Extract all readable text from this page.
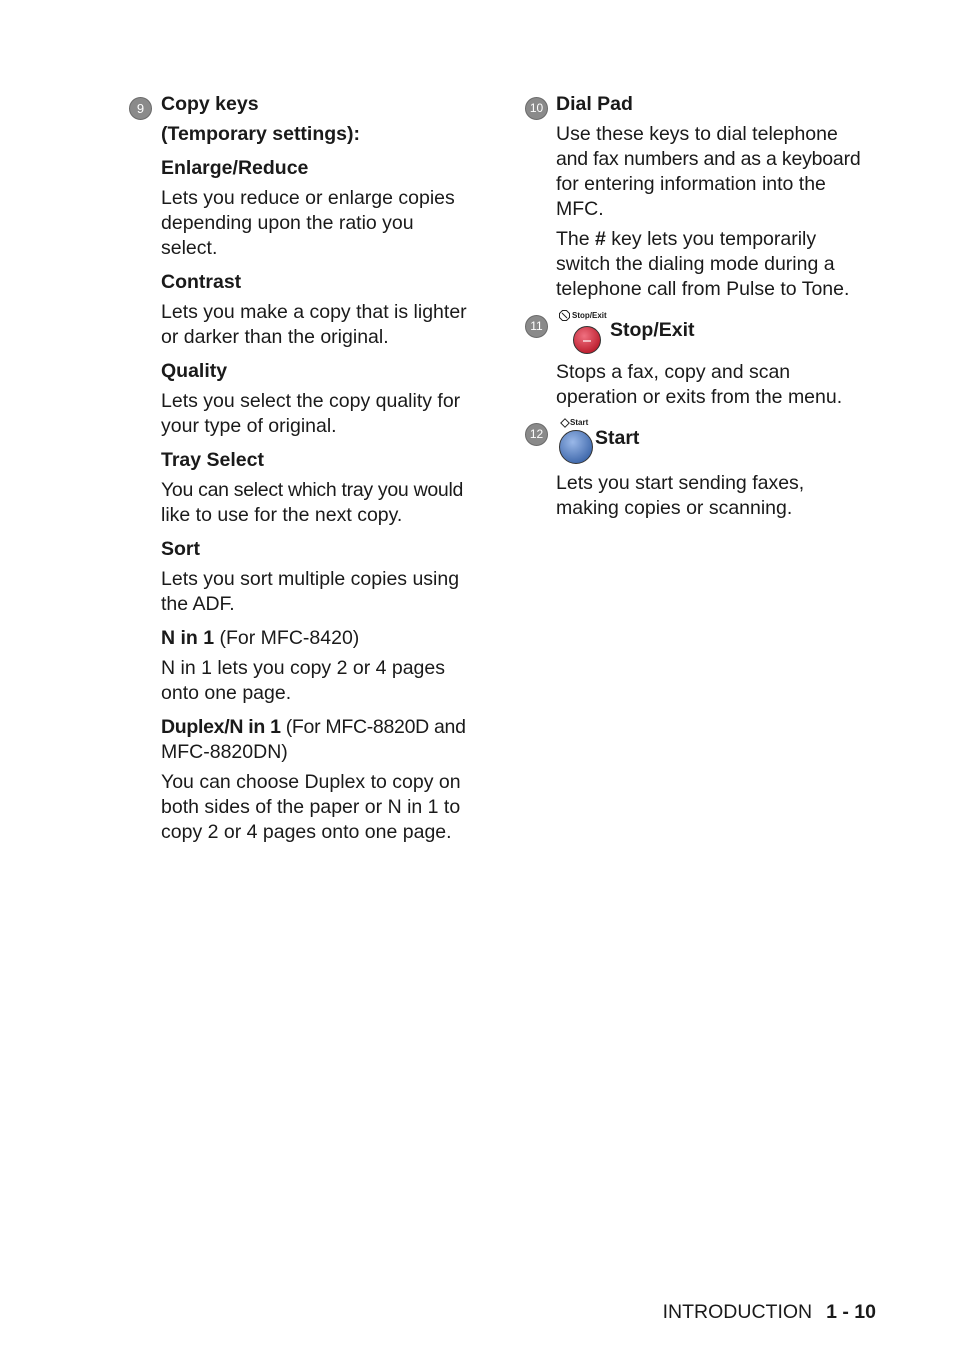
9 Copy keys

(Temporary settings):

Enlarge/Reduce

Lets you reduce or enlarge copies

depending upon the ratio you

select.

Contrast

Lets you make a copy that is lighter

or darker than the original.

Quality

Lets you select the copy quality for

your type of original.

Tray Select

You can select which tray you would

like to use for the next copy.

Sort

Lets you sort multiple copies using

the ADF.

N in 1 (For MFC-8420)

N in 1 lets you copy 2 or 4 pages

onto one page.

Duplex/N in 1 (For MFC-8820D and

MFC-8820DN)

You can choose Duplex to copy on

both sides of the paper or N in 1 to

copy 2 or 4 pages onto one page.

10 Dial Pad

Use these keys to dial telephone

and fax numbers and as a keyboard

for entering information into the

MFC.

The # key lets you temporarily

switch the dialing mode during a

telephone call from Pulse to Tone.

11
Stop/Exit
Stop/Exit

Stops a fax, copy and scan

operation or exits from the menu.

12
Start
Start

Lets you start sending faxes,

making copies or scanning.

INTRODUCTION 1 - 10
